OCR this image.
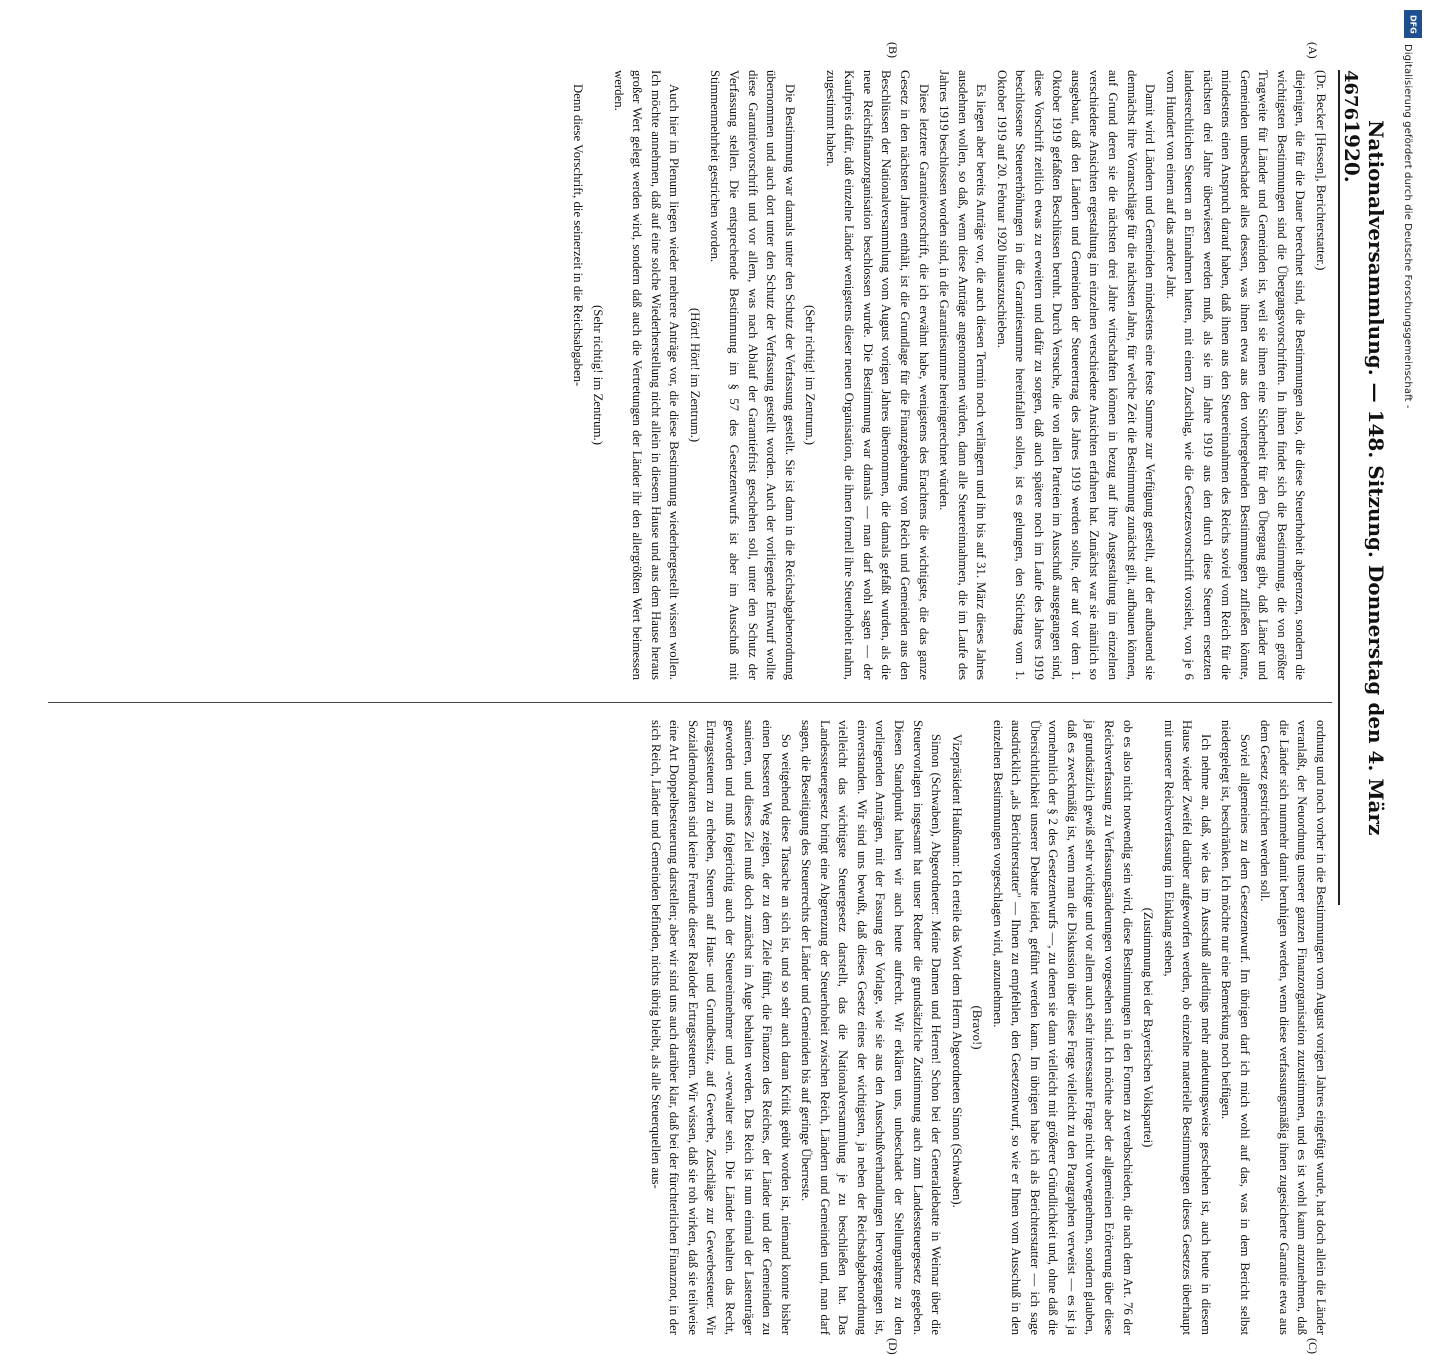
DFG
Digitalisierung gefördert durch die Deutsche Forschungsgemeinschaft -
4676
Nationalversammlung. — 148. Sitzung. Donnerstag den 4. März 1920.
(A)
(B)
(C)
(D)

(Dr. Becker [Hessen], Berichterstatter.)

diejenigen, die für die Dauer berechnet sind, die Bestimmungen also, die diese Steuerhoheit abgrenzen, sondern die wichtigsten Bestimmungen sind die Übergangsvorschriften. In ihnen findet sich die Bestimmung, die von größter Tragweite für Länder und Gemeinden ist, weil sie ihnen eine Sicherheit für den Übergang gibt, daß Länder und Gemeinden unbeschadet alles dessen, was ihnen etwa aus den vorhergehenden Bestimmungen zufließen könnte, mindestens einen Anspruch darauf haben, daß ihnen aus den Steuereinnahmen des Reichs soviel vom Reich für die nächsten drei Jahre überwiesen werden muß, als sie im Jahre 1919 aus den durch diese Steuern ersetzten landesrechtlichen Steuern an Einnahmen hatten, mit einem Zuschlag, wie die Gesetzesvorschrift vorsieht, von je 6 vom Hundert von einem auf das andere Jahr.

Damit wird Ländern und Gemeinden mindestens eine feste Summe zur Verfügung gestellt, auf der aufbauend sie demnächst ihre Voranschläge für die nächsten Jahre, für welche Zeit die Bestimmung zunächst gilt, aufbauen können, auf Grund deren sie die nächsten drei Jahre wirtschaften können in bezug auf ihre Ausgestaltung im einzelnen verschiedene Ansichten ergestaltung im einzelnen verschiedene Ansichten erfahren hat. Zunächst war sie nämlich so ausgebaut, daß den Ländern und Gemeinden der Steuerertrag des Jahres 1919 werden sollte, der auf vor dem 1. Oktober 1919 gefaßten Beschlüssen beruht. Durch Versuche, die von allen Parteien im Ausschuß ausgegangen sind, diese Vorschrift zeitlich etwas zu erweitern und dafür zu sorgen, daß auch spätere noch im Laufe des Jahres 1919 beschlossene Steuererhöhungen in die Garantiesumme hereinfallen sollen, ist es gelungen, den Stichtag vom 1. Oktober 1919 auf 20. Februar 1920 hinauszuschieben.

Es liegen aber bereits Anträge vor, die auch diesen Termin noch verlängern und ihn bis auf 31. März dieses Jahres ausdehnen wollen, so daß, wenn diese Anträge angenommen würden, dann alle Steuereinnahmen, die im Laufe des Jahres 1919 beschlossen worden sind, in die Garantiesumme hereingerechnet würden.

Diese letztere Garantievorschrift, die ich erwähnt habe, wenigstens des Erachtens die wichtigste, die das ganze Gesetz in den nächsten Jahren enthält, ist die Grundlage für die Finanzgebarung von Reich und Gemeinden aus den Beschlüssen der Nationalversammlung vom August vorigen Jahres übernommen, die damals gefaßt wurden, als die neue Reichsfinanzorganisation beschlossen wurde. Die Bestimmung war damals — man darf wohl sagen — der Kaufpreis dafür, daß einzelne Länder wenigstens dieser neuen Organisation, die ihnen formell ihre Steuerhoheit nahm, zugestimmt haben.

(Sehr richtig! im Zentrum.)

Die Bestimmung war damals unter den Schutz der Verfassung gestellt. Sie ist dann in die Reichsabgabenordnung übernommen und auch dort unter den Schutz der Verfassung gestellt worden. Auch der vorliegende Entwurf wollte diese Garantievorschrift und vor allem, was nach Ablauf der Garantiefrist geschehen soll, unter den Schutz der Verfassung stellen. Die entsprechende Bestimmung im § 57 des Gesetzentwurfs ist aber im Ausschuß mit Stimmenmehrheit gestrichen worden.

(Hört! Hört! im Zentrum.)

Auch hier im Plenum liegen wieder mehrere Anträge vor, die diese Bestimmung wiederhergestellt wissen wollen. Ich möchte annehmen, daß auf eine solche Wiederherstellung nicht allein in diesem Hause und aus dem Hause heraus großer Wert gelegt werden wird, sondern daß auch die Vertretungen der Länder ihr den allergrößten Wert beimessen werden.

(Sehr richtig! im Zentrum.)

Denn diese Vorschrift, die seinerzeit in die Reichsabgaben-

ordnung und noch vorher in die Bestimmungen vom August vorigen Jahres eingefügt wurde, hat doch allein die Länder veranlaßt, der Neuordnung unserer ganzen Finanzorganisation zuzustimmen, und es ist wohl kaum anzunehmen, daß die Länder sich nunmehr damit beruhigen werden, wenn diese verfassungsmäßig ihnen zugesicherte Garantie etwa aus dem Gesetz gestrichen werden soll.

Soviel allgemeines zu dem Gesetzentwurf. Im übrigen darf ich mich wohl auf das, was in dem Bericht selbst niedergelegt ist, beschränken. Ich möchte nur eine Bemerkung noch beifügen.

Ich nehme an, daß, wie das im Ausschuß allerdings mehr andeutungsweise geschehen ist, auch heute in diesem Hause wieder Zweifel darüber aufgeworfen werden, ob einzelne materielle Bestimmungen dieses Gesetzes überhaupt mit unserer Reichsverfassung im Einklang stehen,

(Zustimmung bei der Bayerischen Volkspartei)

ob es also nicht notwendig sein wird, diese Bestimmungen in den Formen zu verabschieden, die nach dem Art. 76 der Reichsverfassung zu Verfassungsänderungen vorgesehen sind. Ich möchte aber der allgemeinen Erörterung über diese ja grundsätzlich gewiß sehr wichtige und vor allem auch sehr interessante Frage nicht vorwegnehmen, sondern glauben, daß es zweckmäßig ist, wenn man die Diskussion über diese Frage vielleicht zu den Paragraphen verweist — es ist ja vornehmlich der § 2 des Gesetzentwurfs —, zu denen sie dann vielleicht mit größerer Gründlichkeit und, ohne daß die Übersichtlichkeit unserer Debatte leidet, geführt werden kann. Im übrigen habe ich als Berichterstatter — ich sage ausdrücklich „als Berichterstatter" — Ihnen zu empfehlen, den Gesetzentwurf, so wie er Ihnen vom Ausschuß in den einzelnen Bestimmungen vorgeschlagen wird, anzunehmen.

(Bravo!)

Vizepräsident Haußmann: Ich erteile das Wort dem Herrn Abgeordneten Simon (Schwaben).

Simon (Schwaben), Abgeordneter: Meine Damen und Herren! Schon bei der Generaldebatte in Weimar über die Steuervorlagen insgesamt hat unser Redner die grundsätzliche Zustimmung auch zum Landessteuergesetz gegeben. Diesen Standpunkt halten wir auch heute aufrecht. Wir erklären uns, unbeschadet der Stellungnahme zu den vorliegenden Anträgen, mit der Fassung der Vorlage, wie sie aus den Ausschußverhandlungen hervorgegangen ist, einverstanden. Wir sind uns bewußt, daß dieses Gesetz eines der wichtigsten, ja neben der Reichsabgabenordnung vielleicht das wichtigste Steuergesetz darstellt, das die Nationalversammlung je zu beschließen hat. Das Landessteuergesetz bringt eine Abgrenzung der Steuerhoheit zwischen Reich, Ländern und Gemeinden und, man darf sagen, die Beseitigung des Steuerrechts der Länder und Gemeinden bis auf geringe Überreste.

So weitgehend diese Tatsache an sich ist, und so sehr auch daran Kritik geübt worden ist, niemand konnte bisher einen besseren Weg zeigen, der zu dem Ziele führt, die Finanzen des Reiches, der Länder und der Gemeinden zu sanieren, und dieses Ziel muß doch zunächst im Auge behalten werden. Das Reich ist nun einmal der Lastenträger geworden und muß folgerichtig auch der Steuereinnehmer und -verwalter sein. Die Länder behalten das Recht, Ertragssteuern zu erheben, Steuern auf Haus- und Grundbesitz, auf Gewerbe, Zuschläge zur Gewerbesteuer. Wir Sozialdemokraten sind keine Freunde dieser Realoder Ertragssteuern. Wir wissen, daß sie roh wirken, daß sie teilweise eine Art Doppelbesteuerung darstellen; aber wir sind uns auch darüber klar, daß bei der fürchterlichen Finanznot, in der sich Reich, Länder und Gemeinden befinden, nichts übrig bleibt, als alle Steuerquellen aus-
